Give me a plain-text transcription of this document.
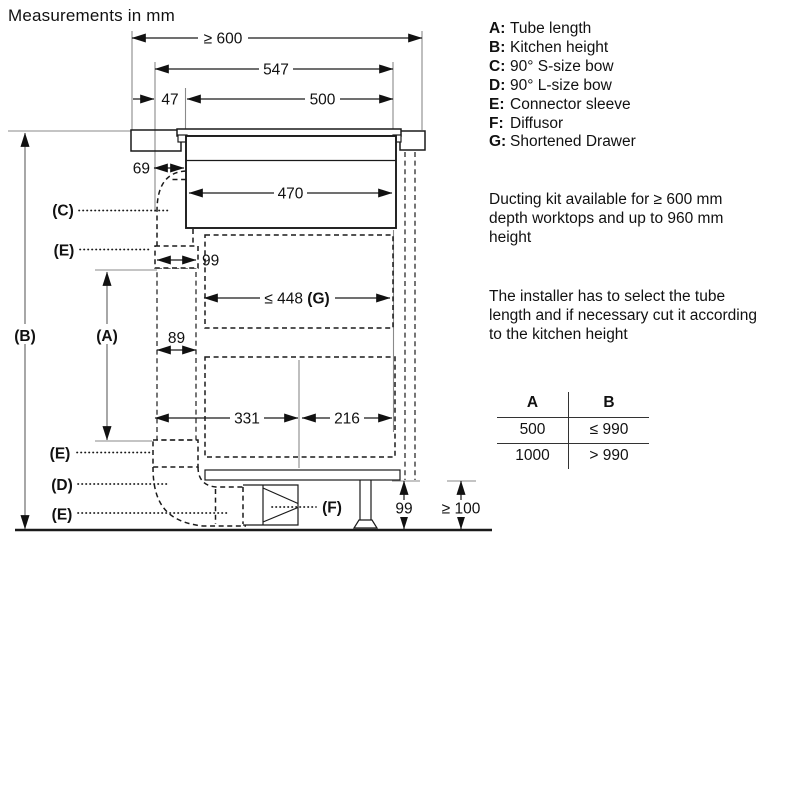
≥ 600
547
47	500
69
470
99
≤ 448 (G)
89
331	216
99 ≥ 100
(B)	(A)
(C)
(E)
(E)
(D)
(E)	(F)
Measurements in mm
A: Tube length
B: Kitchen height
C: 90° S-size bow
D: 90° L-size bow
E: Connector sleeve
F: Diffusor
G: Shortened Drawer
Ducting kit available for ≥ 600 mm depth worktops and up to 960 mm height
The installer has to select the tube length and if necessary cut it according to the kitchen height
A	B
500	≤ 990
1000	> 990
